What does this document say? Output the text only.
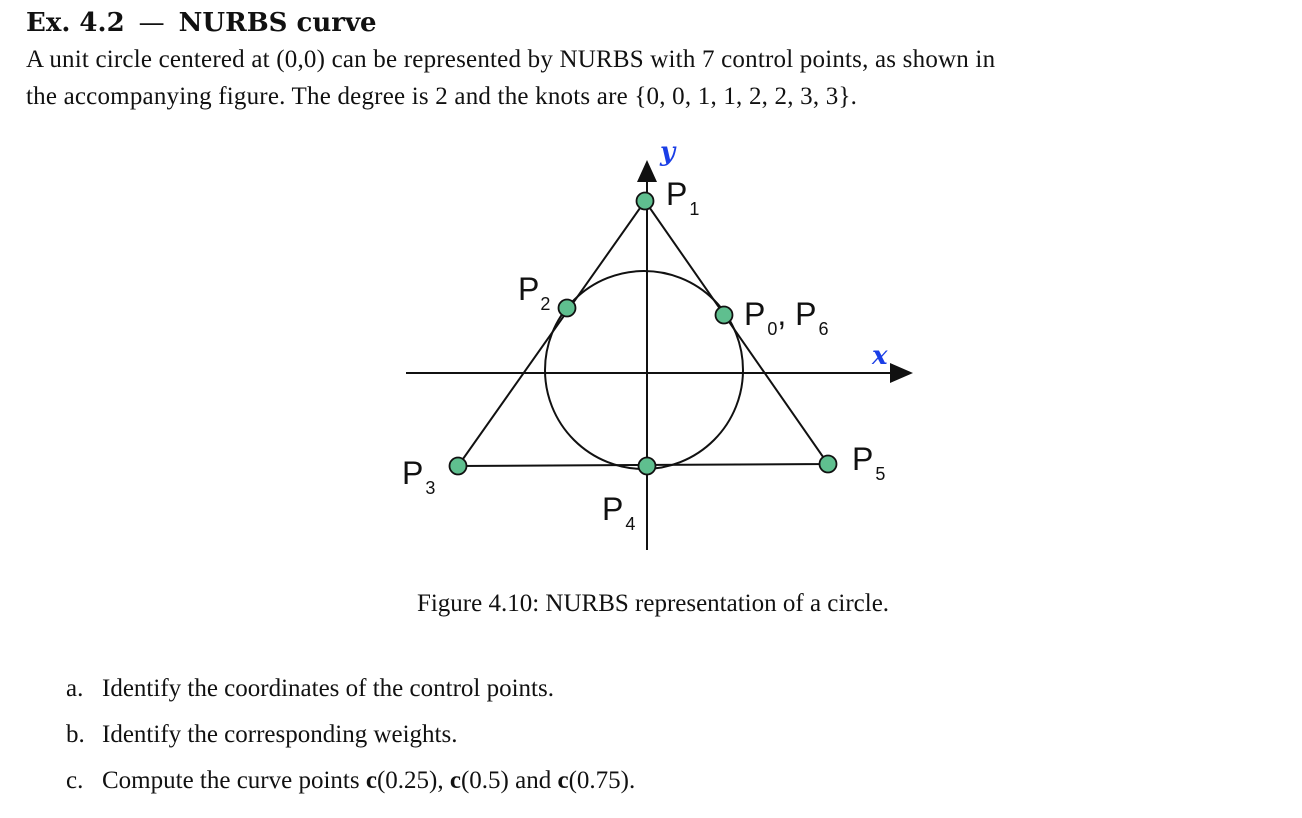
Ex. 4.2 — NURBS curve
A unit circle centered at (0,0) can be represented by NURBS with 7 control points, as shown in
the accompanying figure. The degree is 2 and the knots are {0, 0, 1, 1, 2, 2, 3, 3}.
y
x
P $_1$
$P_2$	P $_0$, P $_6$
P $_3$
P $_4$
P $_5$
Figure 4.10: NURBS representation of a circle.
a. Identify the coordinates of the control points.
b. Identify the corresponding weights.
c. Compute the curve points c(0.25), c(0.5) and c(0.75).
